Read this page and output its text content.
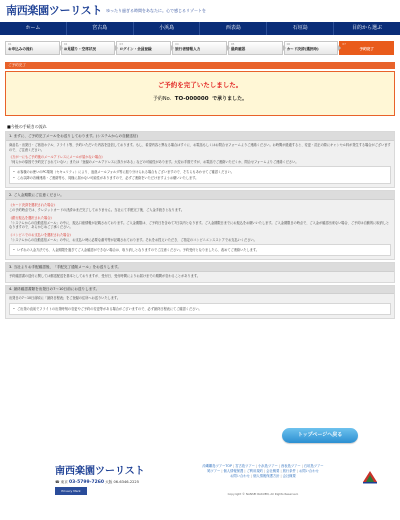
南西楽園ツーリスト ゆったり過ぎる時間をあなたに。心で感じるリゾートを
ホーム	宮古島	小浜島	西表島	石垣島	目的から選ぶ
01
お申込みの流れ
02
お見積り・空席状況
03
ログイン・会員登録
04
旅行者情報入力
05
最終確認
06
カード決済(選択時)
07
予約完了
ご予約完了
ご予約を完了いたしました。
予約No. TO-000000 で承りました。
■今後の手続きの流れ
1. まずに、ご予約完了メールをお送りしております。(システムからの自動送信)
商品名・出発日・ご宿泊ホテル、フライト等、予約いただいた内容を送信しております。もし、希望内容と異なる場合はすぐに、お電話もしくはお問合せフォームよりご連絡ください。お時間が経過すると、変更・訂正の際にキャンセル料が発生する場合がございますので、ご注意ください。
《万が一にもご予約後のメールアドレスにメールが届かない場合》
「何らかの原因で予約完了されていない」または「登録のメールアドレスに誤りがある」などの可能性があります。大変お手数ですが、お電話でご連絡いただくか、問合せフォームよりご連絡ください。
• お客様のお使いのPC環境（セキュリティ）により、迷惑メールフォルダ等に振り分けられる場合もございますので、そちらもあわせてご確認ください。
• これ以降の各種連絡・ご連絡等も、同様に届かない可能性がありますので、必ずご連絡をいただけますようお願いいたします。
2. ご入金期限にご注意ください。
《カード決済を選択された場合》
この予約時点では、クレジットカードの決済はまだ完了しておりません。当社にて手配完了後、ご入金手続きとなります。
《銀行振込を選択された場合》
「システムからの自動送信メール」の中に、振込口座情報が記載されております。ご入金期限は、ご予約日を含めて7日以内となります。ご入金期限日までにお振込をお願いいたします。ご入金期限日の時点で、ご入金が確認出来ない場合、ご予約は自動的に取消しとなりますので、あらかじめご了承ください。
《コンビニでのお支払いを選択された場合》
「システムからの自動送信メール」の中に、お支払い時に必要な番号等が記載されております。それをお控えいただき、ご指定のコンビニエンスストアでお支払いください。
• いずれの入金方法でも、入金期限を過ぎてご入金確認ができない場合は、取り消しとなりますのでご注意ください。予約受付となりましたら、改めてご連絡いたします。
3. 当社よりお手配確認後、「手配完了通知メール」をお送りします。
予約確認書の送付に関しては郵送配送を基本としておりますが、受付日、受付時間によりお届けまでの期間が変わることがあります。
4. 最終確認書類を出発日の7～10日前にお送りします。
出発日の7～10日前頃に「最終日程表」をご登録の住所へお送りいたします。
• ご出発の直前でフライトの出発時刻の変更やご予約の変更等がある場合がございますので、必ず最終日程表にてご確認ください。
トップページへ戻る
南西楽園ツーリスト
☎ 東京 03-5799-7260 大阪 06-6346-2225
Privacy Mark
沖縄離島ツアーTOP | 宮古島ツアー | 小浜島ツアー | 西表島ツアー | 石垣島ツアー
鳩ツアー | 個人情報保護 | ご利用規約 | 会社概要 | 旅行条件 | お問い合わせ
お問い合わせ | 個人情報保護方針 | 会社概要
Copyright © NANSEI RAKUEN, All Rights Reserved.
